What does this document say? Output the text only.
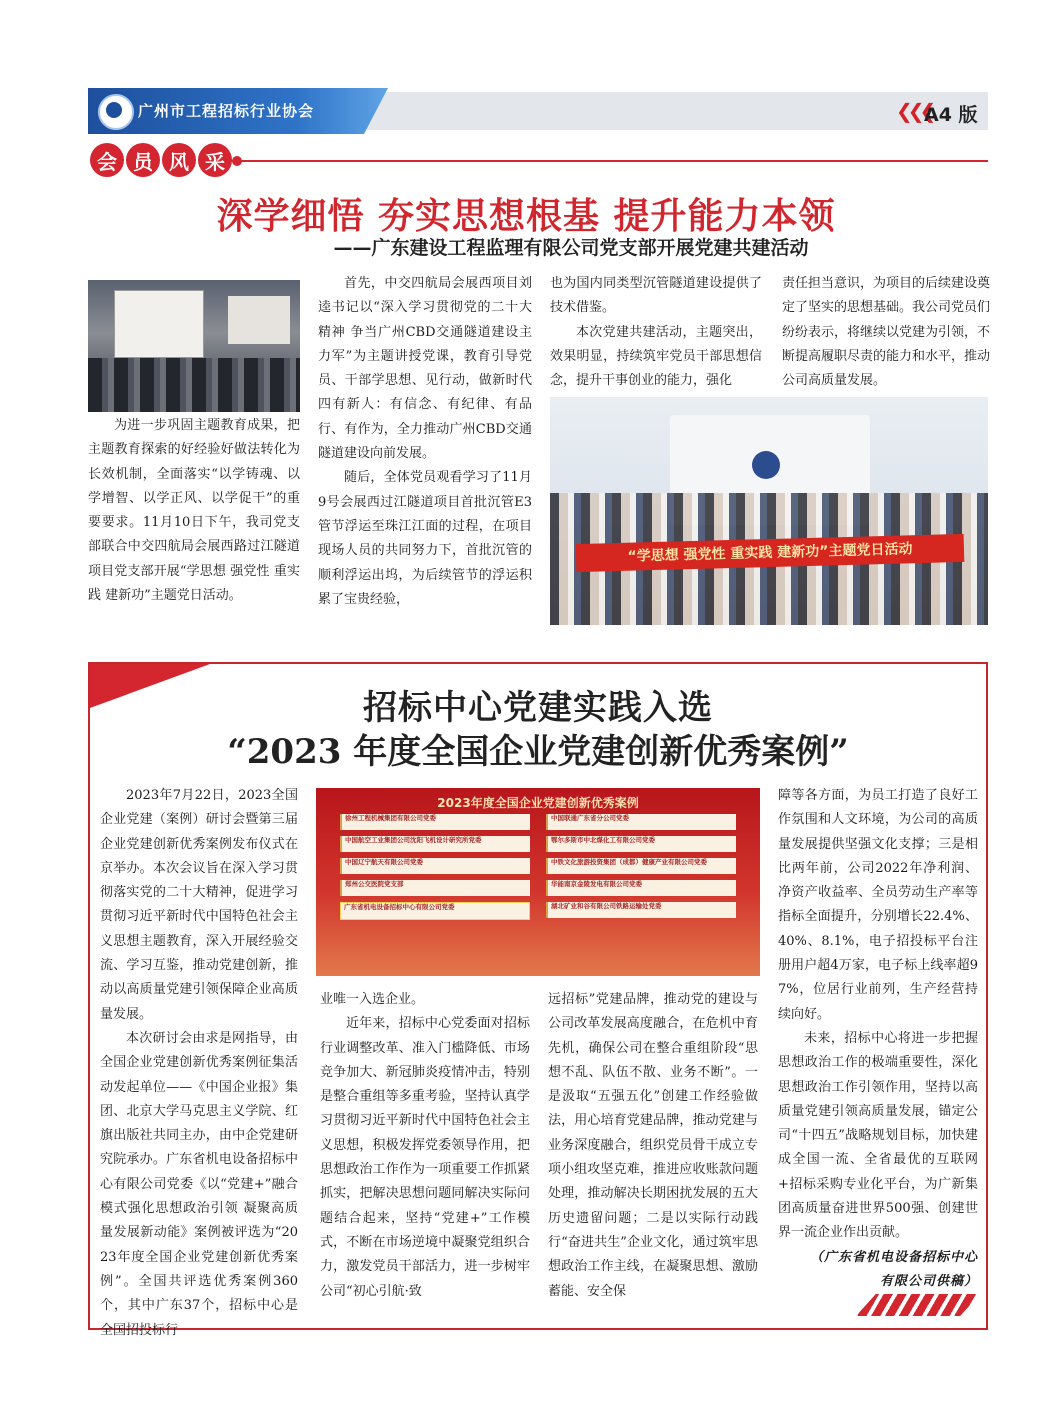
广州市工程招标行业协会	❮❮❮
A4 版
会 员 风 采
深学细悟 夯实思想根基 提升能力本领
——广东建设工程监理有限公司党支部开展党建共建活动

为进一步巩固主题教育成果，把主题教育探索的好经验好做法转化为长效机制，全面落实“以学铸魂、以学增智、以学正风、以学促干”的重要要求。11月10日下午，我司党支部联合中交四航局会展西路过江隧道项目党支部开展“学思想 强党性 重实践 建新功”主题党日活动。

首先，中交四航局会展西项目刘逵书记以“深入学习贯彻党的二十大精神 争当广州CBD交通隧道建设主力军”为主题讲授党课，教育引导党员、干部学思想、见行动，做新时代四有新人：有信念、有纪律、有品行、有作为，全力推动广州CBD交通隧道建设向前发展。

随后，全体党员观看学习了11月9号会展西过江隧道项目首批沉管E3管节浮运至珠江江面的过程，在项目现场人员的共同努力下，首批沉管的顺利浮运出坞，为后续管节的浮运积累了宝贵经验，

也为国内同类型沉管隧道建设提供了技术借鉴。

本次党建共建活动，主题突出，效果明显，持续筑牢党员干部思想信念，提升干事创业的能力，强化

责任担当意识，为项目的后续建设奠定了坚实的思想基础。我公司党员们纷纷表示，将继续以党建为引领，不断提高履职尽责的能力和水平，推动公司高质量发展。

“学思想 强党性 重实践 建新功”主题党日活动
招标中心党建实践入选
“2023 年度全国企业党建创新优秀案例”

2023年7月22日，2023全国企业党建（案例）研讨会暨第三届企业党建创新优秀案例发布仪式在京举办。本次会议旨在深入学习贯彻落实党的二十大精神，促进学习贯彻习近平新时代中国特色社会主义思想主题教育，深入开展经验交流、学习互鉴，推动党建创新，推动以高质量党建引领保障企业高质量发展。

本次研讨会由求是网指导，由全国企业党建创新优秀案例征集活动发起单位——《中国企业报》集团、北京大学马克思主义学院、红旗出版社共同主办，由中企党建研究院承办。广东省机电设备招标中心有限公司党委《以“党建+”融合模式强化思想政治引领 凝聚高质量发展新动能》案例被评选为“2023年度全国企业党建创新优秀案例”。全国共评选优秀案例360个，其中广东37个，招标中心是全国招投标行

2023年度全国企业党建创新优秀案例
徐州工程机械集团有限公司党委	中国联通广东省分公司党委
中国航空工业集团公司沈阳飞机设计研究所党委	鄂尔多斯市中北煤化工有限公司党委
中国辽宁航天有限公司党委	中铁文化旅游投资集团（成都）健康产业有限公司党委
郑州公交医院党支部	华能南京金陵发电有限公司党委
广东省机电设备招标中心有限公司党委	湖北矿业和谷有限公司铁路运输处党委

业唯一入选企业。

近年来，招标中心党委面对招标行业调整改革、准入门槛降低、市场竞争加大、新冠肺炎疫情冲击，特别是整合重组等多重考验，坚持认真学习贯彻习近平新时代中国特色社会主义思想，积极发挥党委领导作用，把思想政治工作作为一项重要工作抓紧抓实，把解决思想问题同解决实际问题结合起来，坚持“党建+”工作模式，不断在市场逆境中凝聚党组织合力，激发党员干部活力，进一步树牢公司“初心引航·致

远招标”党建品牌，推动党的建设与公司改革发展高度融合，在危机中育先机，确保公司在整合重组阶段“思想不乱、队伍不散、业务不断”。一是汲取“五强五化”创建工作经验做法，用心培育党建品牌，推动党建与业务深度融合，组织党员骨干成立专项小组攻坚克难，推进应收账款问题处理，推动解决长期困扰发展的五大历史遗留问题；二是以实际行动践行“奋进共生”企业文化，通过筑牢思想政治工作主线，在凝聚思想、激励蓄能、安全保

障等各方面，为员工打造了良好工作氛围和人文环境，为公司的高质量发展提供坚强文化支撑；三是相比两年前，公司2022年净利润、净资产收益率、全员劳动生产率等指标全面提升，分别增长22.4%、40%、8.1%，电子招投标平台注册用户超4万家，电子标上线率超97%，位居行业前列，生产经营持续向好。

未来，招标中心将进一步把握思想政治工作的极端重要性，深化思想政治工作引领作用，坚持以高质量党建引领高质量发展，锚定公司“十四五”战略规划目标，加快建成全国一流、全省最优的互联网+招标采购专业化平台，为广新集团高质量奋进世界500强、创建世界一流企业作出贡献。

（广东省机电设备招标中心
有限公司供稿）
